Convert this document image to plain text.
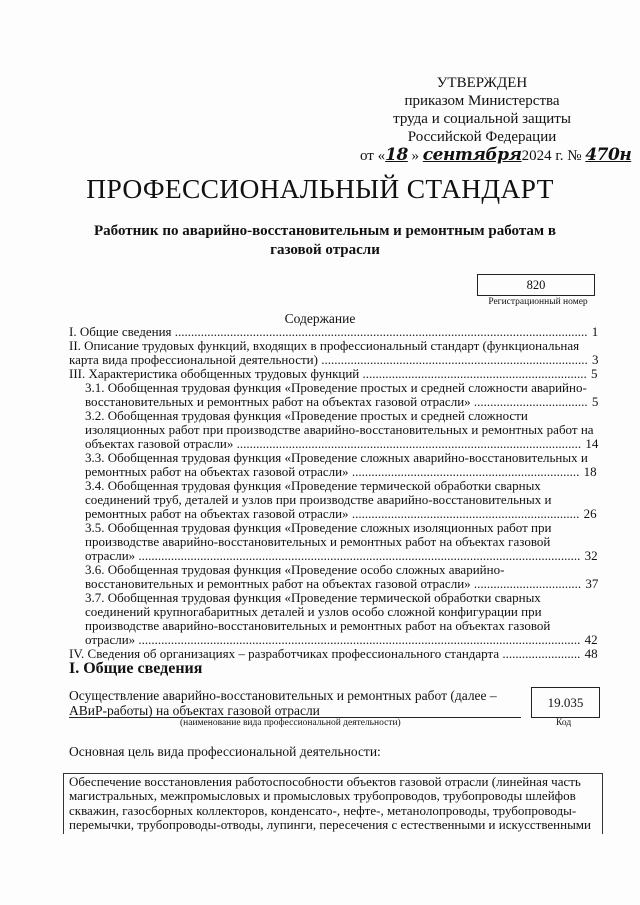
УТВЕРЖДЕН
приказом Министерства
труда и социальной защиты
Российской Федерации
от «18 » сентября2024 г. № 470н
ПРОФЕССИОНАЛЬНЫЙ СТАНДАРТ
Работник по аварийно-восстановительным и ремонтным работам в газовой отрасли
820
Регистрационный номер
Содержание
I. Общие сведения ............................................................................................................................... 1
II. Описание трудовых функций, входящих в профессиональный стандарт (функциональная карта вида профессиональной деятельности) .................................................................................. 3
III. Характеристика обобщенных трудовых функций ..................................................................... 5
3.1. Обобщенная трудовая функция «Проведение простых и средней сложности аварийно-восстановительных и ремонтных работ на объектах газовой отрасли» ................................... 5
3.2. Обобщенная трудовая функция «Проведение простых и средней сложности изоляционных работ при производстве аварийно-восстановительных и ремонтных работ на объектах газовой отрасли» .......................................................................................................... 14
3.3. Обобщенная трудовая функция «Проведение сложных аварийно-восстановительных и ремонтных работ на объектах газовой отрасли» ...................................................................... 18
3.4. Обобщенная трудовая функция «Проведение термической обработки сварных соединений труб, деталей и узлов при производстве аварийно-восстановительных и ремонтных работ на объектах газовой отрасли» ...................................................................... 26
3.5. Обобщенная трудовая функция «Проведение сложных изоляционных работ при производстве аварийно-восстановительных и ремонтных работ на объектах газовой отрасли» ........................................................................................................................................ 32
3.6. Обобщенная трудовая функция «Проведение особо сложных аварийно-восстановительных и ремонтных работ на объектах газовой отрасли» ................................. 37
3.7. Обобщенная трудовая функция «Проведение термической обработки сварных соединений крупногабаритных деталей и узлов особо сложной конфигурации при производстве аварийно-восстановительных и ремонтных работ на объектах газовой отрасли» ........................................................................................................................................ 42
IV. Сведения об организациях – разработчиках профессионального стандарта ........................ 48
I. Общие сведения
Осуществление аварийно-восстановительных и ремонтных работ (далее – АВиР-работы) на объектах газовой отрасли
19.035
(наименование вида профессиональной деятельности)	Код
Основная цель вида профессиональной деятельности:
Обеспечение восстановления работоспособности объектов газовой отрасли (линейная часть магистральных, межпромысловых и промысловых трубопроводов, трубопроводы шлейфов скважин, газосборных коллекторов, конденсато-, нефте-, метанолопроводы, трубопроводы-перемычки, трубопроводы-отводы, лупинги, пересечения с естественными и искусственными
